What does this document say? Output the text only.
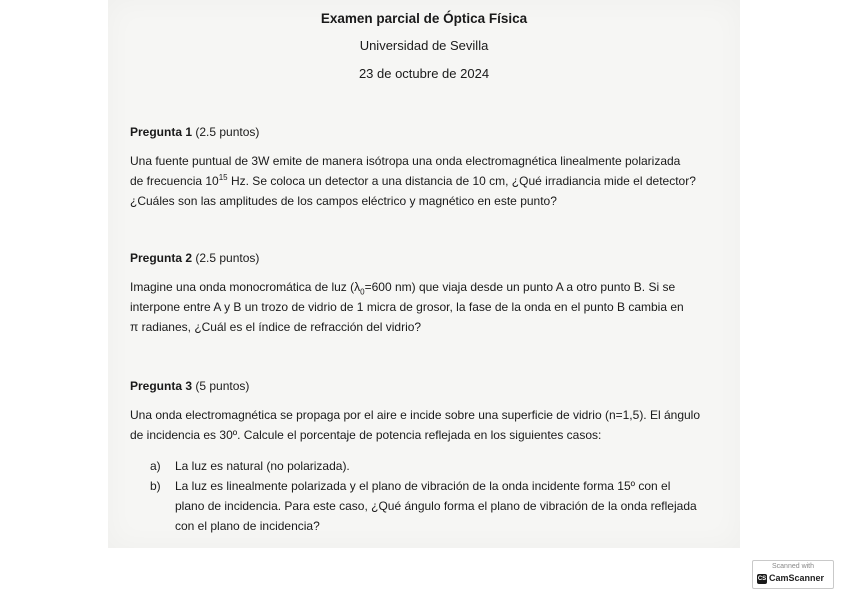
Examen parcial de Óptica Física
Universidad de Sevilla
23 de octubre de 2024
Pregunta 1 (2.5 puntos)
Una fuente puntual de 3W emite de manera isótropa una onda electromagnética linealmente polarizada
de frecuencia $10^{15}$ Hz. Se coloca un detector a una distancia de 10 cm, ¿Qué irradiancia mide el detector?
¿Cuáles son las amplitudes de los campos eléctrico y magnético en este punto?
Pregunta 2 (2.5 puntos)
Imagine una onda monocromática de luz ($\lambda_0=600$ nm) que viaja desde un punto A a otro punto B. Si se
interpone entre A y B un trozo de vidrio de 1 micra de grosor, la fase de la onda en el punto B cambia en
π radianes, ¿Cuál es el índice de refracción del vidrio?
Pregunta 3 (5 puntos)
Una onda electromagnética se propaga por el aire e incide sobre una superficie de vidrio (n=1,5). El ángulo
de incidencia es 30º. Calcule el porcentaje de potencia reflejada en los siguientes casos:
a) La luz es natural (no polarizada).
b) La luz es linealmente polarizada y el plano de vibración de la onda incidente forma 15º con el
plano de incidencia. Para este caso, ¿Qué ángulo forma el plano de vibración de la onda reflejada
con el plano de incidencia?
Scanned with
CS CamScanner
